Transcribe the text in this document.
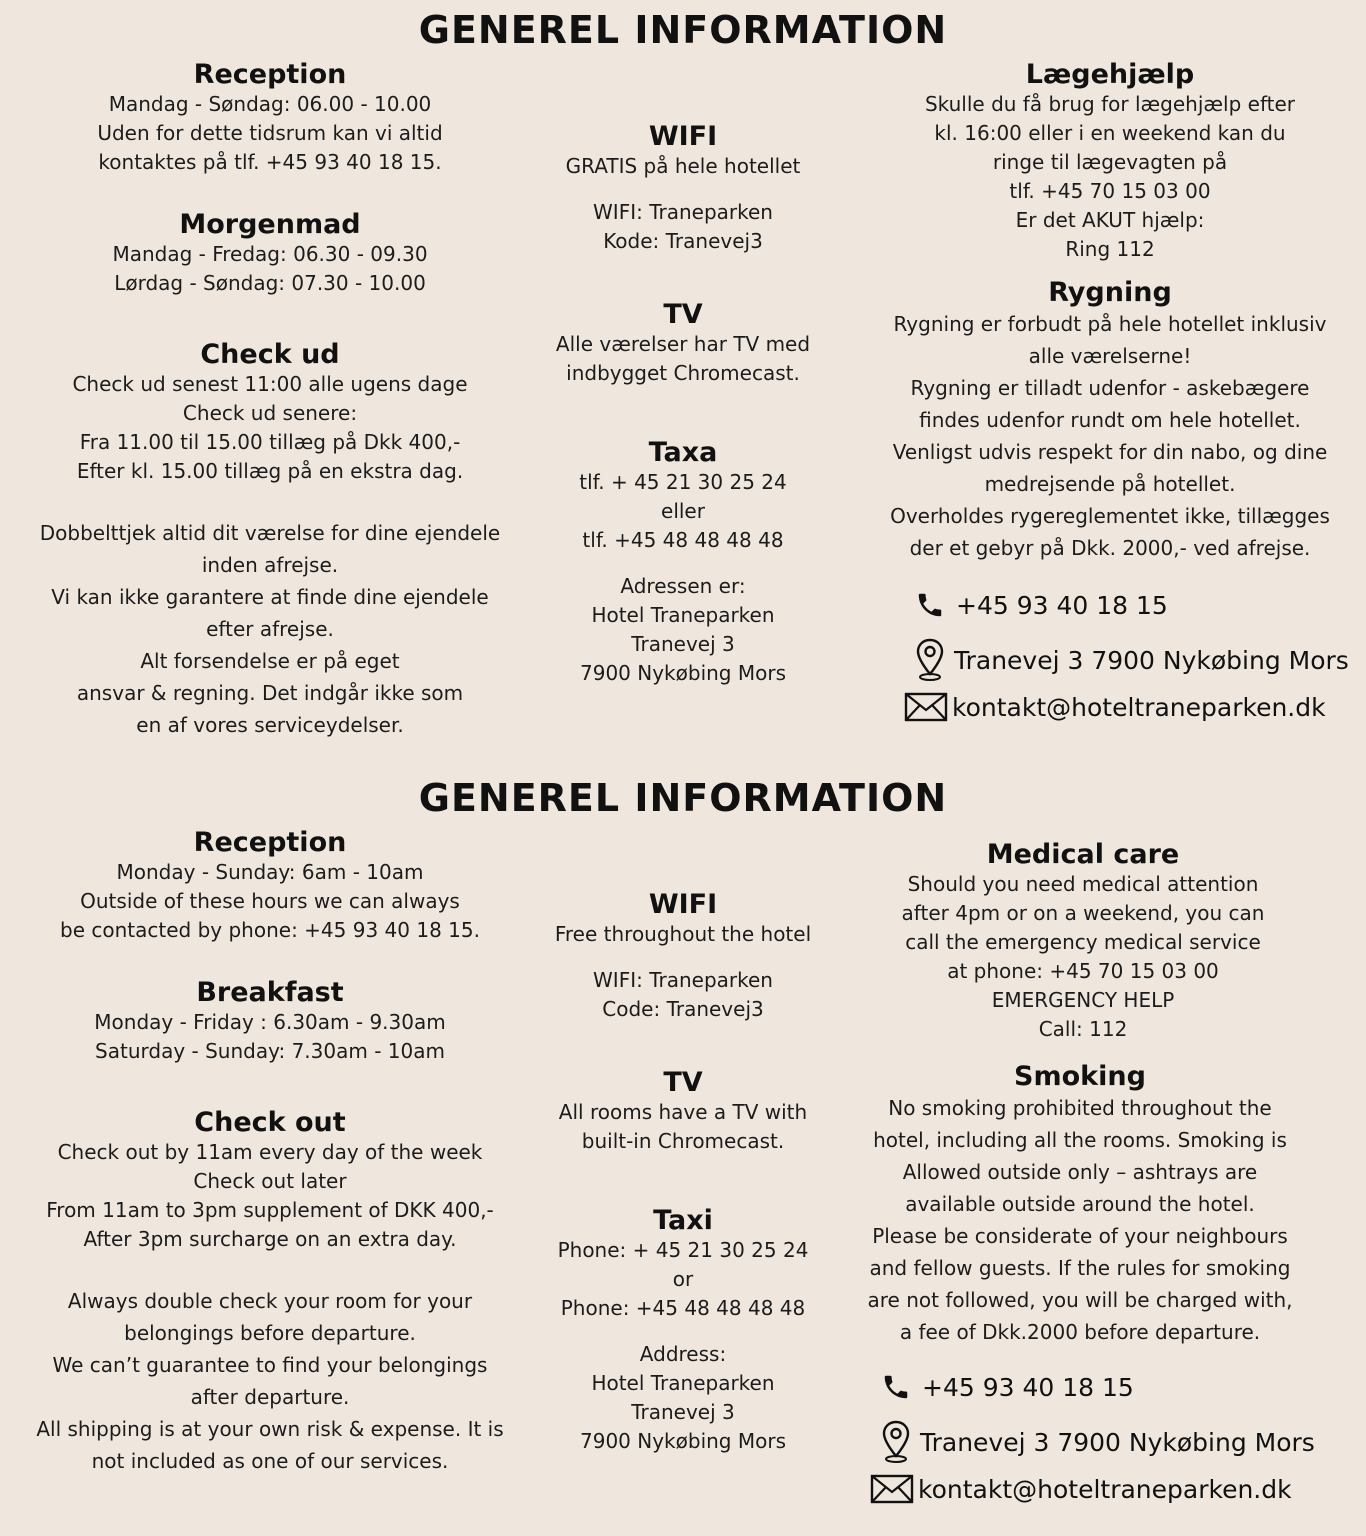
GENEREL INFORMATION
Reception

Mandag - Søndag: 06.00 - 10.00

Uden for dette tidsrum kan vi altid

kontaktes på tlf. +45 93 40 18 15.

Morgenmad

Mandag - Fredag: 06.30 - 09.30

Lørdag - Søndag: 07.30 - 10.00

Check ud

Check ud senest 11:00 alle ugens dage

Check ud senere:

Fra 11.00 til 15.00 tillæg på Dkk 400,-

Efter kl. 15.00 tillæg på en ekstra dag.

Dobbelttjek altid dit værelse for dine ejendele

inden afrejse.

Vi kan ikke garantere at finde dine ejendele

efter afrejse.

Alt forsendelse er på eget

ansvar & regning. Det indgår ikke som

en af vores serviceydelser.

WIFI

GRATIS på hele hotellet

WIFI: Traneparken

Kode: Tranevej3

TV

Alle værelser har TV med

indbygget Chromecast.

Taxa

tlf. + 45 21 30 25 24

eller

tlf. +45 48 48 48 48

Adressen er:

Hotel Traneparken

Tranevej 3

7900 Nykøbing Mors

Lægehjælp

Skulle du få brug for lægehjælp efter

kl. 16:00 eller i en weekend kan du

ringe til lægevagten på

tlf. +45 70 15 03 00

Er det AKUT hjælp:

Ring 112

Rygning

Rygning er forbudt på hele hotellet inklusiv

alle værelserne!

Rygning er tilladt udenfor - askebægere

findes udenfor rundt om hele hotellet.

Venligst udvis respekt for din nabo, og dine

medrejsende på hotellet.

Overholdes rygereglementet ikke, tillægges

der et gebyr på Dkk. 2000,- ved afrejse.

+45 93 40 18 15
Tranevej 3 7900 Nykøbing Mors
kontakt@hoteltraneparken.dk
GENEREL INFORMATION
Reception

Monday - Sunday: 6am - 10am

Outside of these hours we can always

be contacted by phone: +45 93 40 18 15.

Breakfast

Monday - Friday : 6.30am - 9.30am

Saturday - Sunday: 7.30am - 10am

Check out

Check out by 11am every day of the week

Check out later

From 11am to 3pm supplement of DKK 400,-

After 3pm surcharge on an extra day.

Always double check your room for your

belongings before departure.

We can’t guarantee to find your belongings

after departure.

All shipping is at your own risk & expense. It is

not included as one of our services.

WIFI

Free throughout the hotel

WIFI: Traneparken

Code: Tranevej3

TV

All rooms have a TV with

built-in Chromecast.

Taxi

Phone: + 45 21 30 25 24

or

Phone: +45 48 48 48 48

Address:

Hotel Traneparken

Tranevej 3

7900 Nykøbing Mors

Medical care

Should you need medical attention

after 4pm or on a weekend, you can

call the emergency medical service

at phone: +45 70 15 03 00

EMERGENCY HELP

Call: 112

Smoking

No smoking prohibited throughout the

hotel, including all the rooms. Smoking is

Allowed outside only – ashtrays are

available outside around the hotel.

Please be considerate of your neighbours

and fellow guests. If the rules for smoking

are not followed, you will be charged with,

a fee of Dkk.2000 before departure.

+45 93 40 18 15
Tranevej 3 7900 Nykøbing Mors
kontakt@hoteltraneparken.dk
